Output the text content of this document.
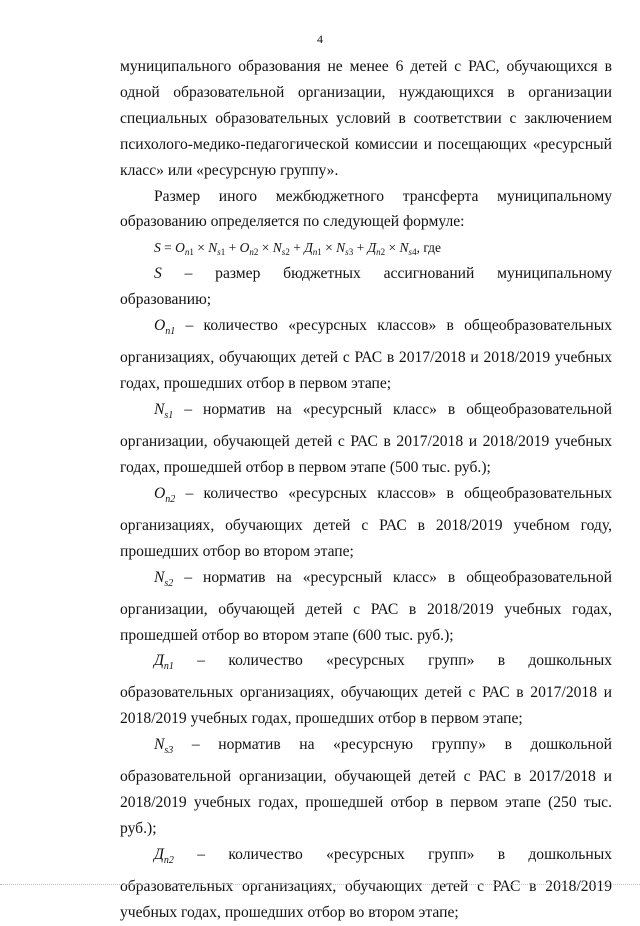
4

муниципального образования не менее 6 детей с РАС, обучающихся в одной образовательной организации, нуждающихся в организации специальных образовательных условий в соответствии с заключением психолого-медико-педагогической комиссии и посещающих «ресурсный класс» или «ресурсную группу».

Размер иного межбюджетного трансферта муниципальному образованию определяется по следующей формуле:

$S = О_{n1} \times N_{s1} + О_{n2} \times N_{s2} + Д_{n1} \times N_{s3} + Д_{n2} \times N_{s4}$, где

S – размер бюджетных ассигнований муниципальному образованию;

$О_{n1}$ – количество «ресурсных классов» в общеобразовательных организациях, обучающих детей с РАС в 2017/2018 и 2018/2019 учебных годах, прошедших отбор в первом этапе;

$N_{s1}$ – норматив на «ресурсный класс» в общеобразовательной организации, обучающей детей с РАС в 2017/2018 и 2018/2019 учебных годах, прошедшей отбор в первом этапе (500 тыс. руб.);

$О_{n2}$ – количество «ресурсных классов» в общеобразовательных организациях, обучающих детей с РАС в 2018/2019 учебном году, прошедших отбор во втором этапе;

$N_{s2}$ – норматив на «ресурсный класс» в общеобразовательной организации, обучающей детей с РАС в 2018/2019 учебных годах, прошедшей отбор во втором этапе (600 тыс. руб.);

$Д_{n1}$ – количество «ресурсных групп» в дошкольных образовательных организациях, обучающих детей с РАС в 2017/2018 и 2018/2019 учебных годах, прошедших отбор в первом этапе;

$N_{s3}$ – норматив на «ресурсную группу» в дошкольной образовательной организации, обучающей детей с РАС в 2017/2018 и 2018/2019 учебных годах, прошедшей отбор в первом этапе (250 тыс. руб.);

$Д_{n2}$ – количество «ресурсных групп» в дошкольных образовательных организациях, обучающих детей с РАС в 2018/2019 учебных годах, прошедших отбор во втором этапе;
